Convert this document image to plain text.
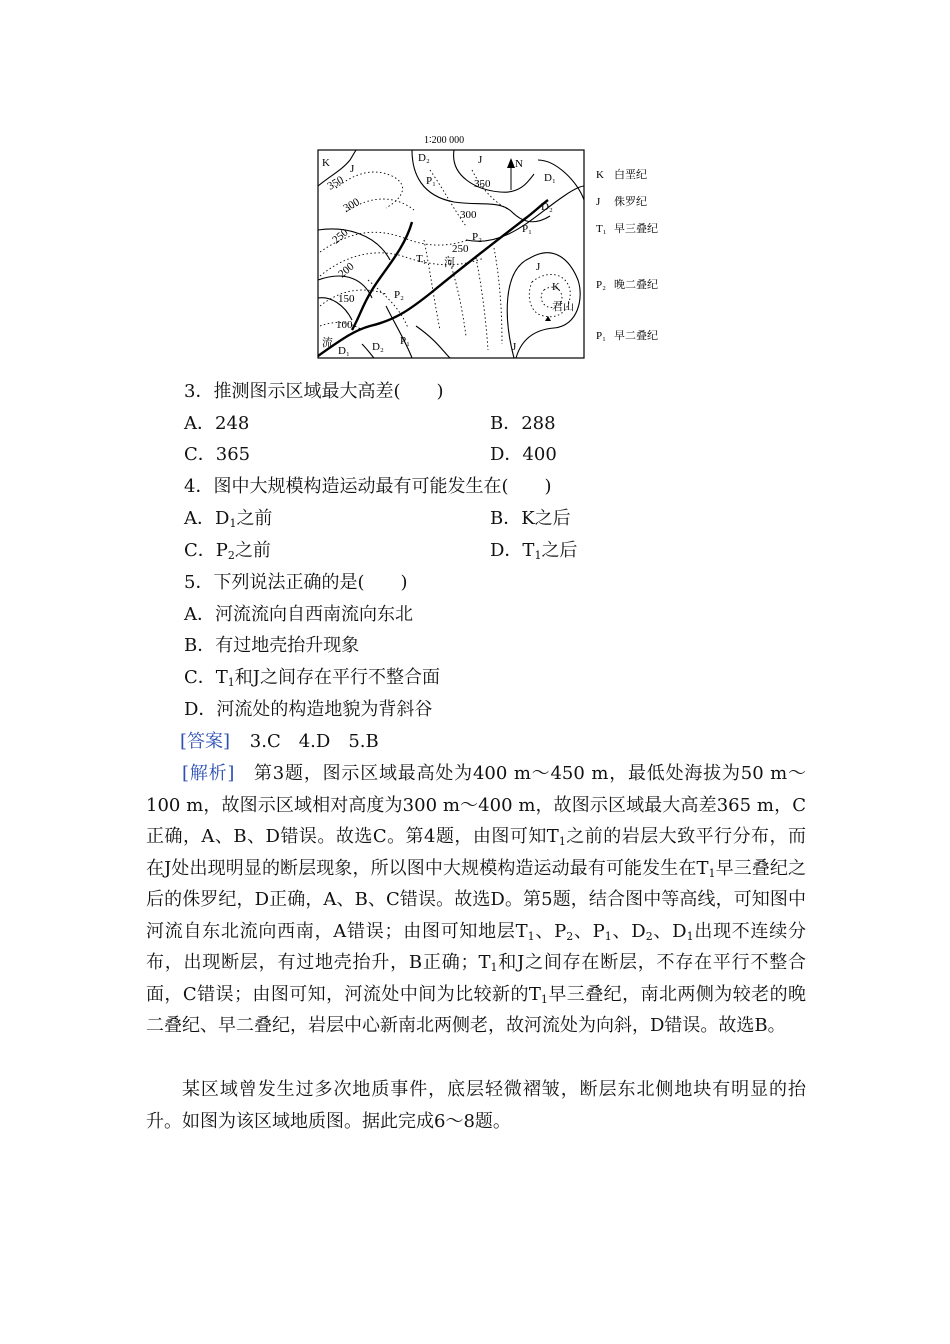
1∶200 000
N
350
300
250
200
150
100
350
300
250
K J
D₂	J
P₁	D₁
D₂
P₁
P₂
T₁
P₂
J
K
D₁ D₂ P₁	J
河
流
君山
K 白垩纪
J 侏罗纪
T₁ 早三叠纪
P₂ 晚二叠纪
P₁ 早二叠纪
3．推测图示区域最大高差(　　)
A．248	B．288
C．365	D．400
4．图中大规模构造运动最有可能发生在(　　)
A．$D_1$之前	B．K之后
C．$P_2$之前	D．$T_1$之后
5．下列说法正确的是(　　)
A．河流流向自西南流向东北
B．有过地壳抬升现象
C．$T_1$和J之间存在平行不整合面
D．河流处的构造地貌为背斜谷
[答案] 3.C　4.D　5.B
[解析]　 第3题，图示区域最高处为400 m～450 m，最低处海拔为50 m～100 m，故图示区域相对高度为300 m～400 m，故图示区域最大高差365 m，C正确，A、B、D错误。故选C。第4题，由图可知$T_1$之前的岩层大致平行分布，而在J处出现明显的断层现象，所以图中大规模构造运动最有可能发生在$T_1$早三叠纪之后的侏罗纪，D正确，A、B、C错误。故选D。第5题，结合图中等高线，可知图中河流自东北流向西南，A错误；由图可知地层$T_1$、$P_2$、$P_1$、$D_2$、$D_1$出现不连续分布，出现断层，有过地壳抬升，B正确；$T_1$和J之间存在断层，不存在平行不整合面，C错误；由图可知，河流处中间为比较新的$T_1$早三叠纪，南北两侧为较老的晚二叠纪、早二叠纪，岩层中心新南北两侧老，故河流处为向斜，D错误。故选B。
某区域曾发生过多次地质事件，底层轻微褶皱，断层东北侧地块有明显的抬升。如图为该区域地质图。据此完成6～8题。
